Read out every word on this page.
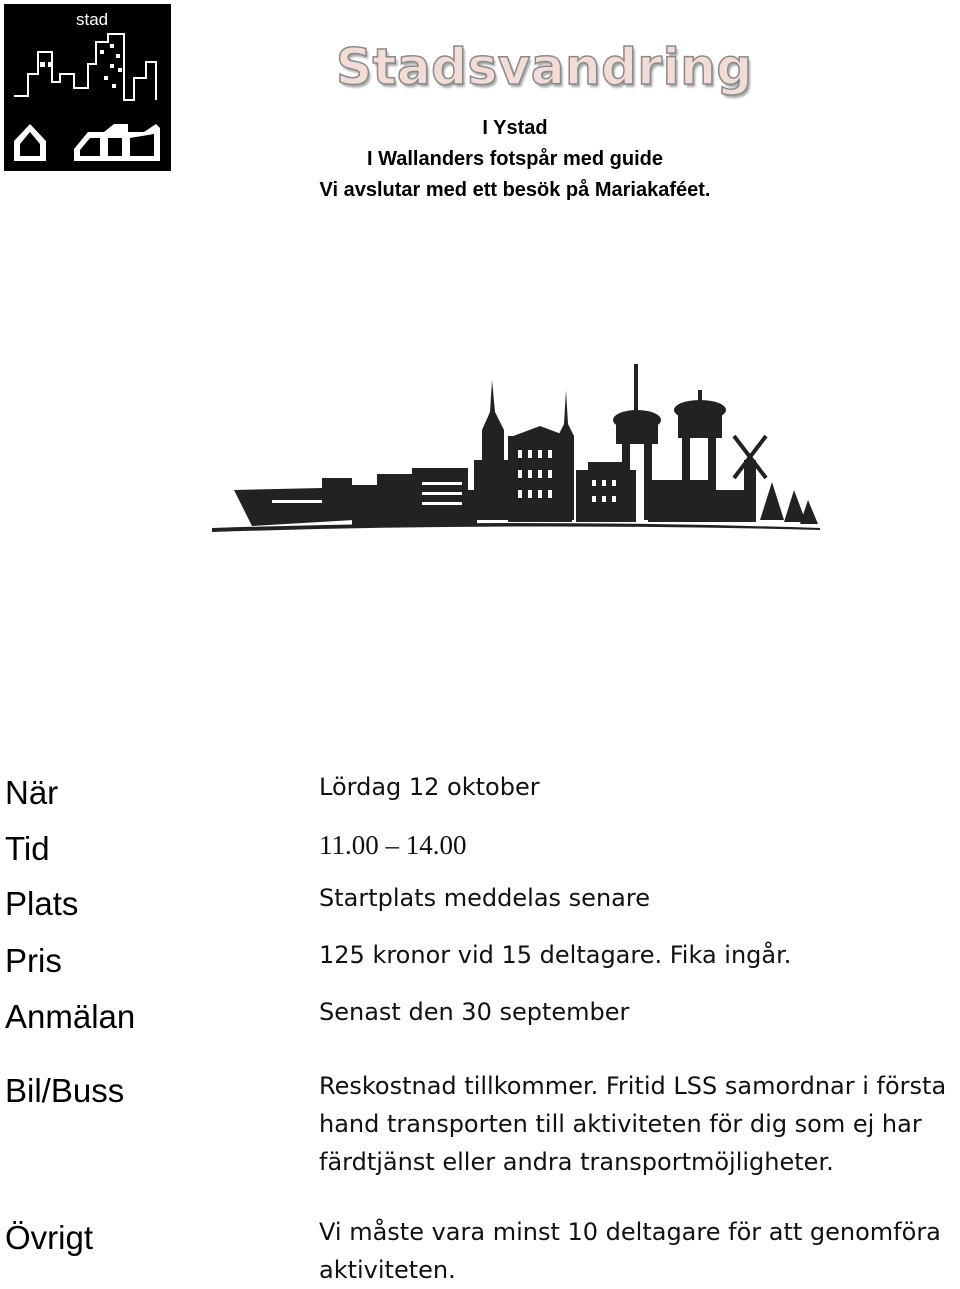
stad
Stadsvandring
I Ystad
I Wallanders fotspår med guide
Vi avslutar med ett besök på Mariakaféet.
När	Lördag 12 oktober
Tid	11.00 – 14.00
Plats	Startplats meddelas senare
Pris	125 kronor vid 15 deltagare. Fika ingår.
Anmälan	Senast den 30 september
Bil/Buss	Reskostnad tillkommer. Fritid LSS samordnar i första hand transporten till aktiviteten för dig som ej har färdtjänst eller andra transportmöjligheter.
Övrigt	Vi måste vara minst 10 deltagare för att genomföra aktiviteten.
